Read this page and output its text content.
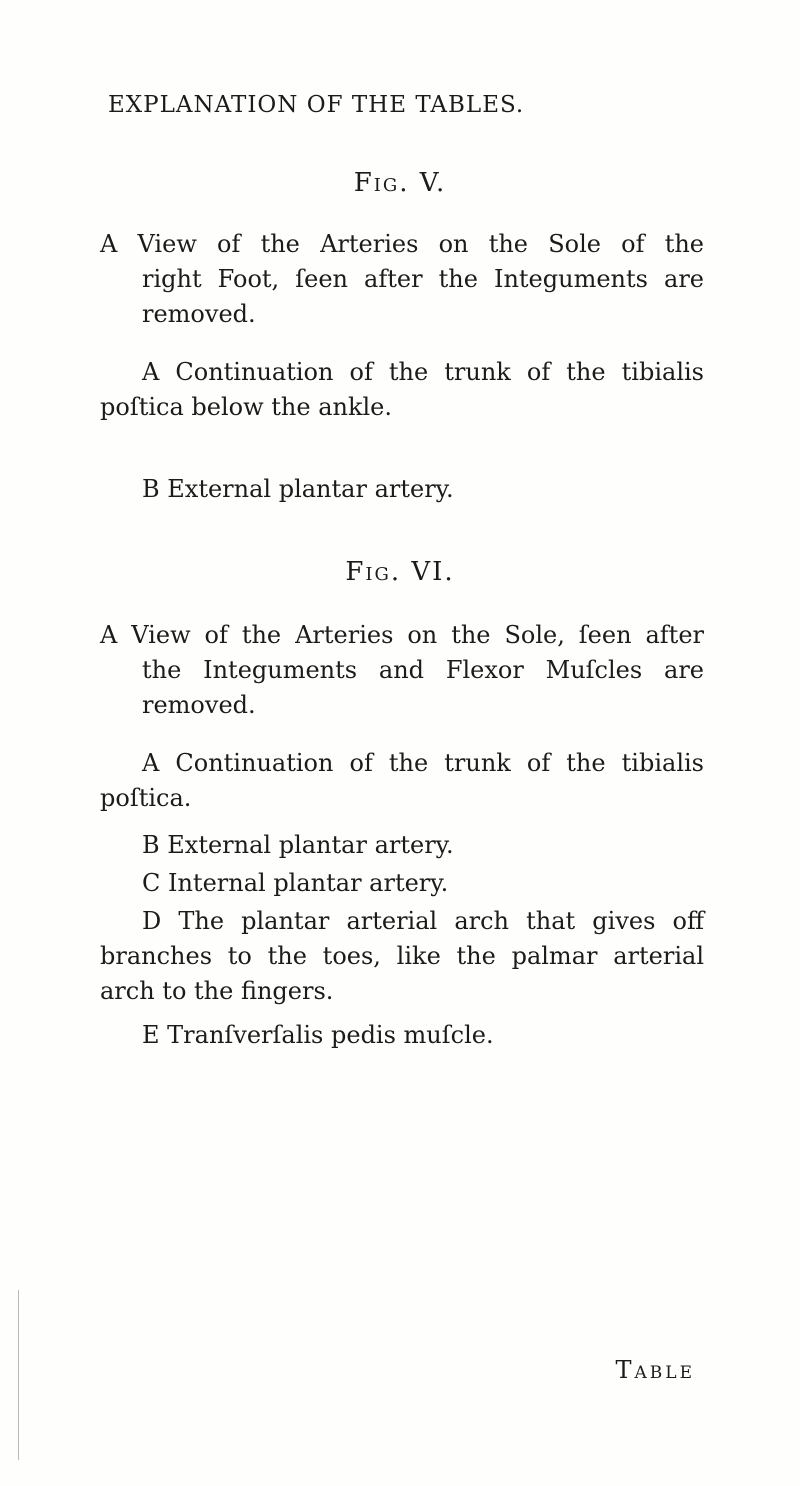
EXPLANATION OF THE TABLES.
Fig. V.
A View of the Arteries on the Sole of the
right Foot, ſeen after the Integuments are
removed.
A Continuation of the trunk of the tibialis
poſtica below the ankle.
B External plantar artery.
Fig. VI.
A View of the Arteries on the Sole, ſeen after
the Integuments and Flexor Muſcles are
removed.
A Continuation of the trunk of the tibialis
poſtica.
B External plantar artery.
C Internal plantar artery.
D The plantar arterial arch that gives off
branches to the toes, like the palmar arterial
arch to the fingers.
E Tranſverſalis pedis muſcle.
Table
